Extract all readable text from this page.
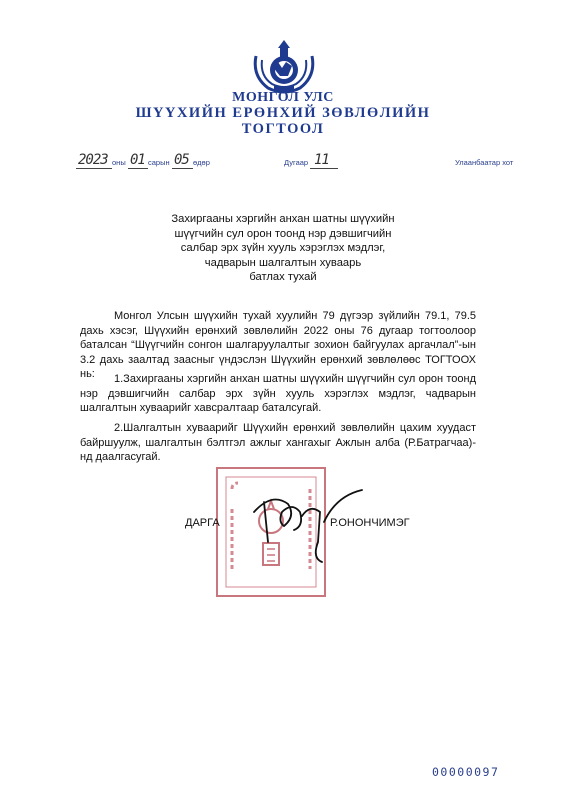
МОНГОЛ УЛС
ШҮҮХИЙН ЕРӨНХИЙ ЗӨВЛӨЛИЙН
ТОГТООЛ
2023 оны 01 сарын 05 өдөр	Дугаар 11	Улаанбаатар хот
Захиргааны хэргийн анхан шатны шүүхийн
шүүгчийн сул орон тоонд нэр дэвшигчийн
салбар эрх зүйн хууль хэрэглэх мэдлэг,
чадварын шалгалтын хуваарь
батлах тухай
Монгол Улсын шүүхийн тухай хуулийн 79 дүгээр зүйлийн 79.1, 79.5 дахь хэсэг, Шүүхийн ерөнхий зөвлөлийн 2022 оны 76 дугаар тогтоолоор баталсан “Шүүгчийн сонгон шалгаруулалтыг зохион байгуулах аргачлал”-ын 3.2 дахь заалтад заасныг үндэслэн Шүүхийн ерөнхий зөвлөлөөс ТОГТООХ нь:	1.Захиргааны хэргийн анхан шатны шүүхийн шүүгчийн сул орон тоонд нэр дэвшигчийн салбар эрх зүйн хууль хэрэглэх мэдлэг, чадварын шалгалтын хуваарийг хавсралтаар баталсугай.
2.Шалгалтын хуваарийг Шүүхийн ерөнхий зөвлөлийн цахим хуудаст байршуулж, шалгалтын бэлтгэл ажлыг хангахыг Ажлын алба (Р.Батрагчаа)-нд даалгасугай.
ДАРГА	Р.ОНОНЧИМЭГ
00000097
